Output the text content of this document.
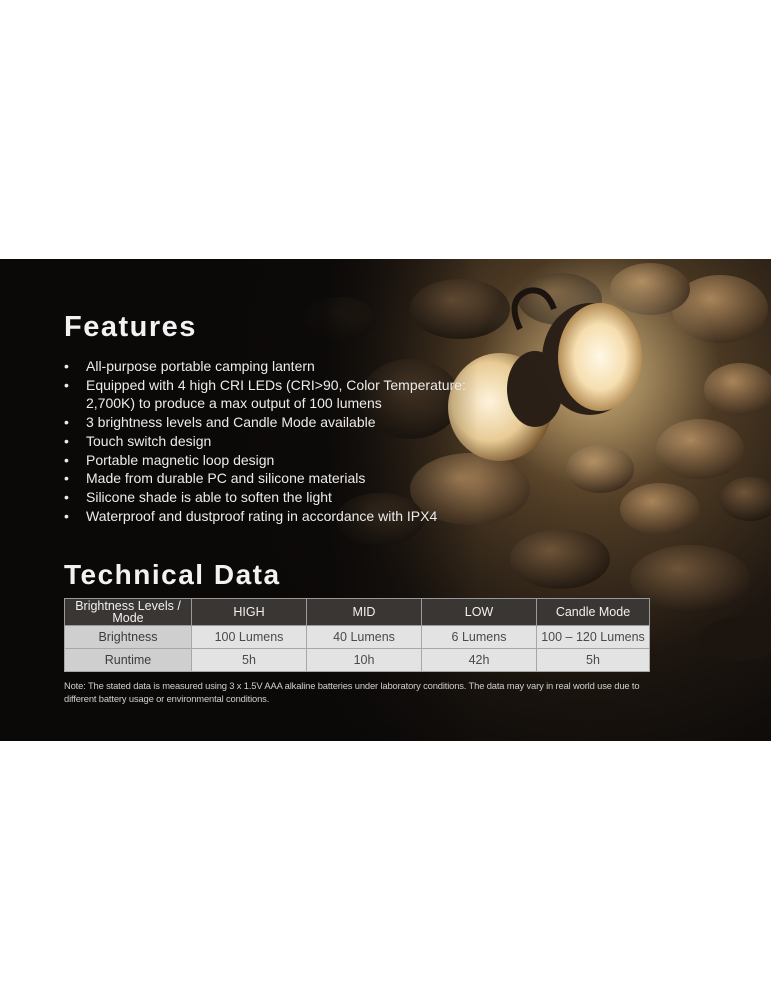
Features
• All-purpose portable camping lantern
• Equipped with 4 high CRI LEDs (CRI>90, Color Temperature: 2,700K) to produce a max output of 100 lumens
• 3 brightness levels and Candle Mode available
• Touch switch design
• Portable magnetic loop design
• Made from durable PC and silicone materials
• Silicone shade is able to soften the light
• Waterproof and dustproof rating in accordance with IPX4
Technical Data
Brightness Levels / Mode	HIGH	MID	LOW	Candle Mode
Brightness	100 Lumens	40 Lumens	6 Lumens	100 – 120 Lumens
Runtime	5h	10h	42h	5h

Note: The stated data is measured using 3 x 1.5V AAA alkaline batteries under laboratory conditions. The data may vary in real world use due to different battery usage or environmental conditions.
